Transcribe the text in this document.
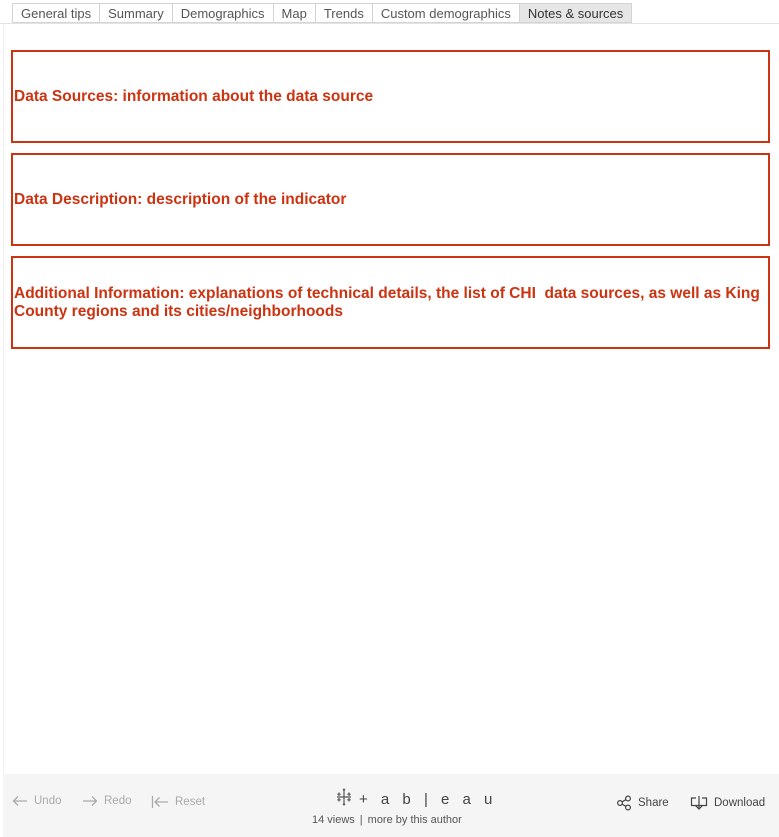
General tips	Summary	Demographics	Map	Trends	Custom demographics	Notes & sources
Data Sources: information about the data source
Data Description: description of the indicator
Additional Information: explanations of technical details, the list of CHI  data sources, as well as King County regions and its cities/neighborhoods
Undo	Redo	Reset	+ a b | e a u
14 views | more by this author
Share	Download
